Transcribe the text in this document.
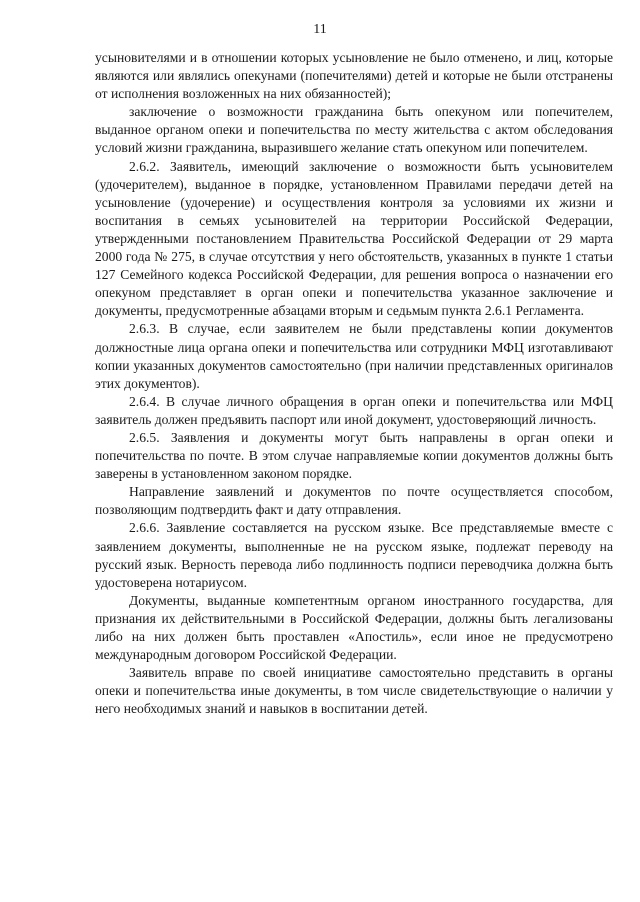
11

усыновителями и в отношении которых усыновление не было отменено, и лиц, которые являются или являлись опекунами (попечителями) детей и которые не были отстранены от исполнения возложенных на них обязанностей);

заключение о возможности гражданина быть опекуном или попечителем, выданное органом опеки и попечительства по месту жительства с актом обследования условий жизни гражданина, выразившего желание стать опекуном или попечителем.

2.6.2. Заявитель, имеющий заключение о возможности быть усыновителем (удочерителем), выданное в порядке, установленном Правилами передачи детей на усыновление (удочерение) и осуществления контроля за условиями их жизни и воспитания в семьях усыновителей на территории Российской Федерации, утвержденными постановлением Правительства Российской Федерации от 29 марта 2000 года № 275, в случае отсутствия у него обстоятельств, указанных в пункте 1 статьи 127 Семейного кодекса Российской Федерации, для решения вопроса о назначении его опекуном представляет в орган опеки и попечительства указанное заключение и документы, предусмотренные абзацами вторым и седьмым пункта 2.6.1 Регламента.

2.6.3. В случае, если заявителем не были представлены копии документов должностные лица органа опеки и попечительства или сотрудники МФЦ изготавливают копии указанных документов самостоятельно (при наличии представленных оригиналов этих документов).

2.6.4. В случае личного обращения в орган опеки и попечительства или МФЦ заявитель должен предъявить паспорт или иной документ, удостоверяющий личность.

2.6.5. Заявления и документы могут быть направлены в орган опеки и попечительства по почте. В этом случае направляемые копии документов должны быть заверены в установленном законом порядке.

Направление заявлений и документов по почте осуществляется способом, позволяющим подтвердить факт и дату отправления.

2.6.6. Заявление составляется на русском языке. Все представляемые вместе с заявлением документы, выполненные не на русском языке, подлежат переводу на русский язык. Верность перевода либо подлинность подписи переводчика должна быть удостоверена нотариусом.

Документы, выданные компетентным органом иностранного государства, для признания их действительными в Российской Федерации, должны быть легализованы либо на них должен быть проставлен «Апостиль», если иное не предусмотрено международным договором Российской Федерации.

Заявитель вправе по своей инициативе самостоятельно представить в органы опеки и попечительства иные документы, в том числе свидетельствующие о наличии у него необходимых знаний и навыков в воспитании детей.
